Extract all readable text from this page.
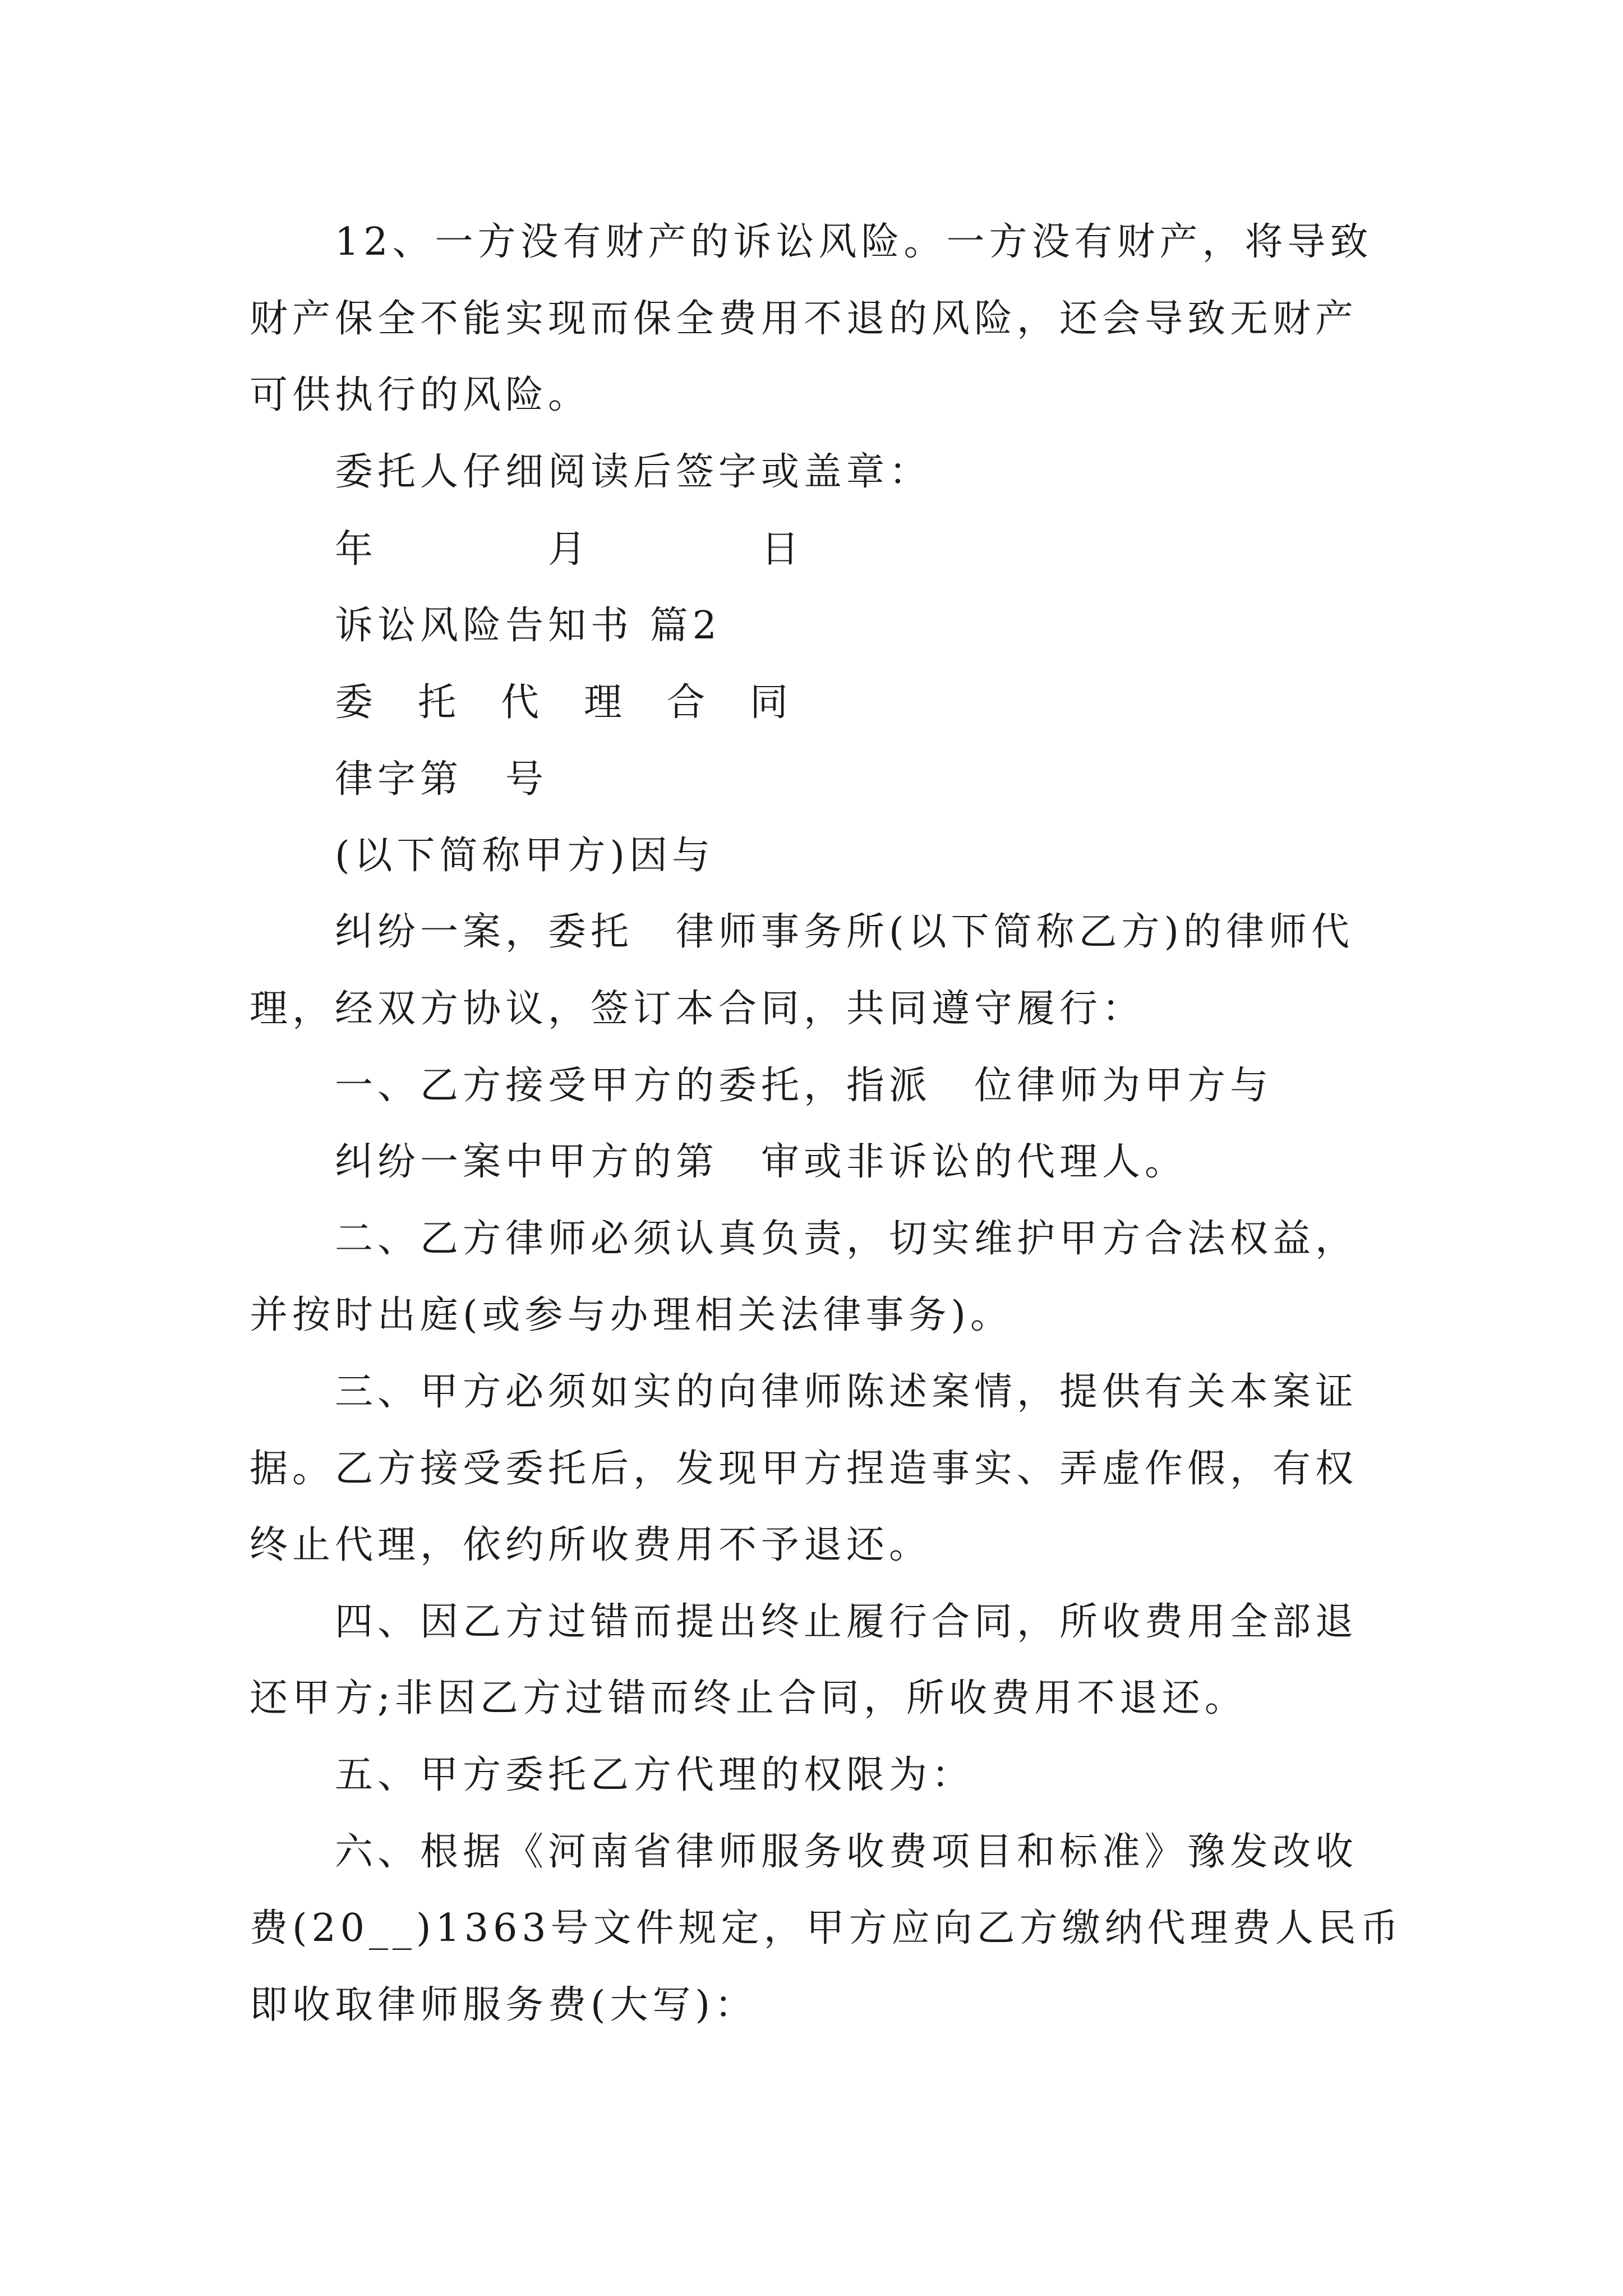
12、一方没有财产的诉讼风险。一方没有财产，将导致
财产保全不能实现而保全费用不退的风险，还会导致无财产
可供执行的风险。
委托人仔细阅读后签字或盖章：
年　　　　月　　　　日
诉讼风险告知书 篇2
委托代理合同
律字第　号
(以下简称甲方)因与
纠纷一案，委托　律师事务所(以下简称乙方)的律师代
理，经双方协议，签订本合同，共同遵守履行：
一、乙方接受甲方的委托，指派　位律师为甲方与
纠纷一案中甲方的第　审或非诉讼的代理人。
二、乙方律师必须认真负责，切实维护甲方合法权益，
并按时出庭(或参与办理相关法律事务)。
三、甲方必须如实的向律师陈述案情，提供有关本案证
据。乙方接受委托后，发现甲方捏造事实、弄虚作假，有权
终止代理，依约所收费用不予退还。
四、因乙方过错而提出终止履行合同，所收费用全部退
还甲方;非因乙方过错而终止合同，所收费用不退还。
五、甲方委托乙方代理的权限为：
六、根据《河南省律师服务收费项目和标准》豫发改收
费(20__)1363号文件规定，甲方应向乙方缴纳代理费人民币
即收取律师服务费(大写)：
